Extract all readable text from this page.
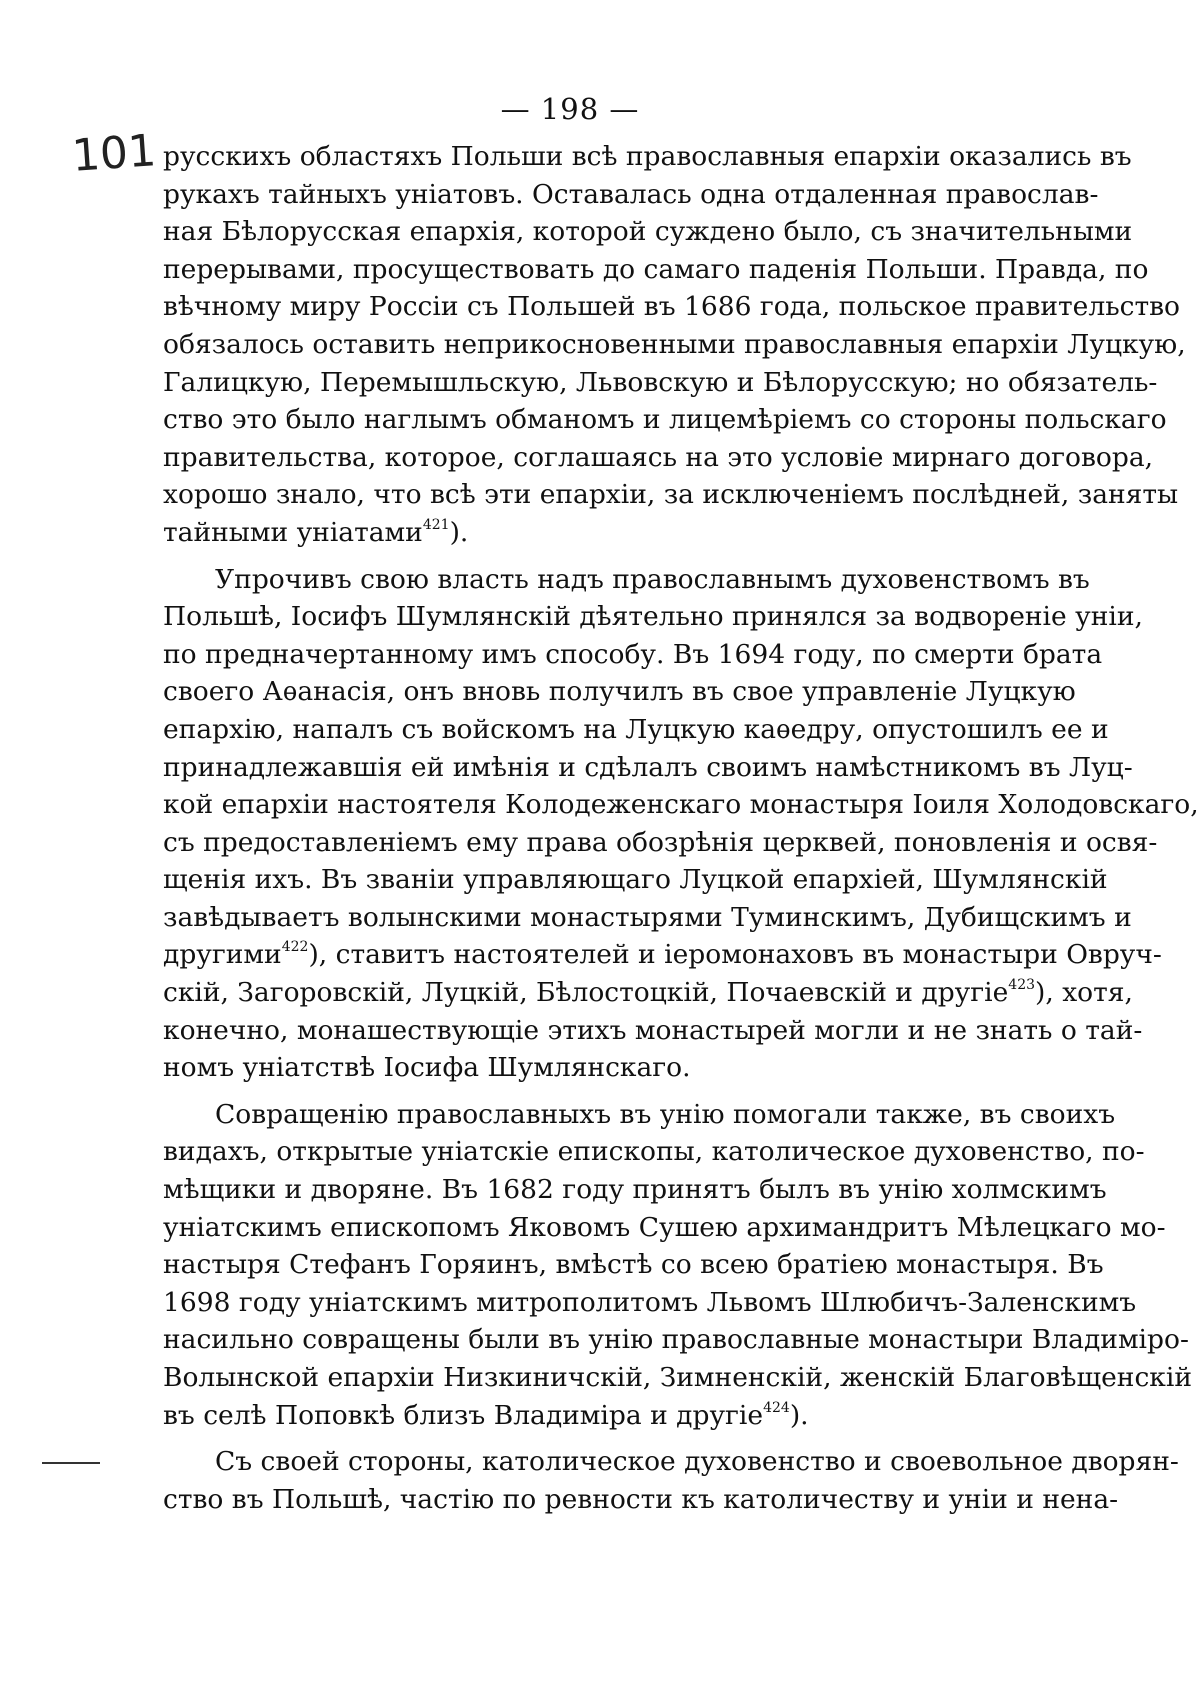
— 198 —
101 русскихъ областяхъ Польши всѣ православныя епархіи оказались въ
рукахъ тайныхъ уніатовъ. Оставалась одна отдаленная православ-
ная Бѣлорусская епархія, которой суждено было, съ значительными
перерывами, просуществовать до самаго паденія Польши. Правда, по
вѣчному миру Россіи съ Польшей въ 1686 года, польское правительство
обязалось оставить неприкосновенными православныя епархіи Луцкую,
Галицкую, Перемышльскую, Львовскую и Бѣлорусскую; но обязатель-
ство это было наглымъ обманомъ и лицемѣріемъ со стороны польскаго
правительства, которое, соглашаясь на это условіе мирнаго договора,
хорошо знало, что всѣ эти епархіи, за исключеніемъ послѣдней, заняты
тайными уніатами$^{421}$).
Упрочивъ свою власть надъ православнымъ духовенствомъ въ
Польшѣ, Іосифъ Шумлянскій дѣятельно принялся за водвореніе уніи,
по предначертанному имъ способу. Въ 1694 году, по смерти брата
своего Аѳанасія, онъ вновь получилъ въ свое управленіе Луцкую
епархію, напалъ съ войскомъ на Луцкую каѳедру, опустошилъ ее и
принадлежавшія ей имѣнія и сдѣлалъ своимъ намѣстникомъ въ Луц-
кой епархіи настоятеля Колодеженскаго монастыря Іоиля Холодовскаго,
съ предоставленіемъ ему права обозрѣнія церквей, поновленія и освя-
щенія ихъ. Въ званіи управляющаго Луцкой епархіей, Шумлянскій
завѣдываетъ волынскими монастырями Туминскимъ, Дубищскимъ и
другими$^{422}$), ставитъ настоятелей и іеромонаховъ въ монастыри Овруч-
скій, Загоровскій, Луцкій, Бѣлостоцкій, Почаевскій и другіе$^{423}$), хотя,
конечно, монашествующіе этихъ монастырей могли и не знать о тай-
номъ уніатствѣ Іосифа Шумлянскаго.
Совращенію православныхъ въ унію помогали также, въ своихъ
видахъ, открытые уніатскіе епископы, католическое духовенство, по-
мѣщики и дворяне. Въ 1682 году принятъ былъ въ унію холмскимъ
уніатскимъ епископомъ Яковомъ Сушею архимандритъ Мѣлецкаго мо-
настыря Стефанъ Горяинъ, вмѣстѣ со всею братіею монастыря. Въ
1698 году уніатскимъ митрополитомъ Львомъ Шлюбичъ-Заленскимъ
насильно совращены были въ унію православные монастыри Владиміро-
Волынской епархіи Низкиничскій, Зимненскій, женскій Благовѣщенскій
въ селѣ Поповкѣ близъ Владиміра и другіе$^{424}$).
Съ своей стороны, католическое духовенство и своевольное дворян-
ство въ Польшѣ, частію по ревности къ католичеству и уніи и нена-
